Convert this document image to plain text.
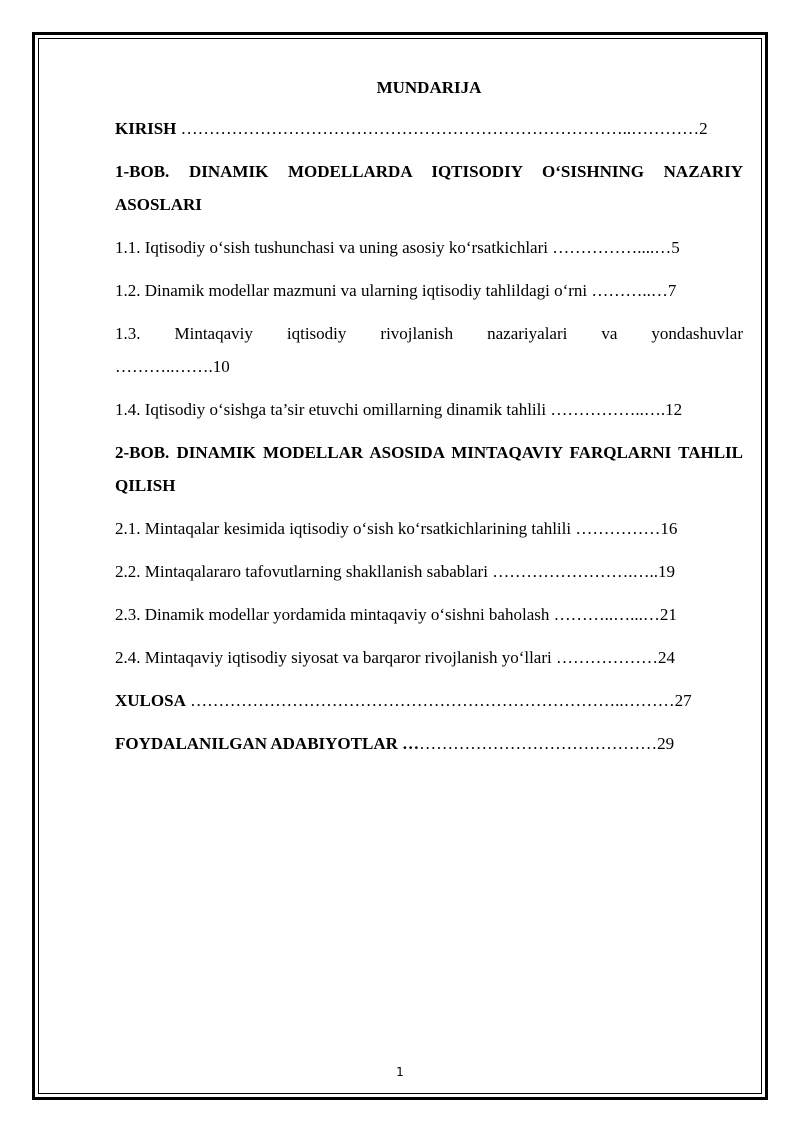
MUNDARIJA
KIRISH ……………………………………………………………………..…………2
1-BOB. DINAMIK MODELLARDA IQTISODIY O‘SISHNING NAZARIY ASOSLARI
1.1. Iqtisodiy o‘sish tushunchasi va uning asosiy ko‘rsatkichlari ……………....…5
1.2. Dinamik modellar mazmuni va ularning iqtisodiy tahlildagi o‘rni ………..…7
1.3. Mintaqaviy iqtisodiy rivojlanish nazariyalari va yondashuvlar
………..…….10
1.4. Iqtisodiy o‘sishga ta’sir etuvchi omillarning dinamik tahlili ……………..….12
2-BOB. DINAMIK MODELLAR ASOSIDA MINTAQAVIY FARQLARNI TAHLIL QILISH
2.1. Mintaqalar kesimida iqtisodiy o‘sish ko‘rsatkichlarining tahlili ……………16
2.2. Mintaqalararo tafovutlarning shakllanish sabablari …………………….…..19
2.3. Dinamik modellar yordamida mintaqaviy o‘sishni baholash ………..…...…21
2.4. Mintaqaviy iqtisodiy siyosat va barqaror rivojlanish yo‘llari ………………24
XULOSA …………………………………………………………………..………27
FOYDALANILGAN ADABIYOTLAR ………………………………………29
1
